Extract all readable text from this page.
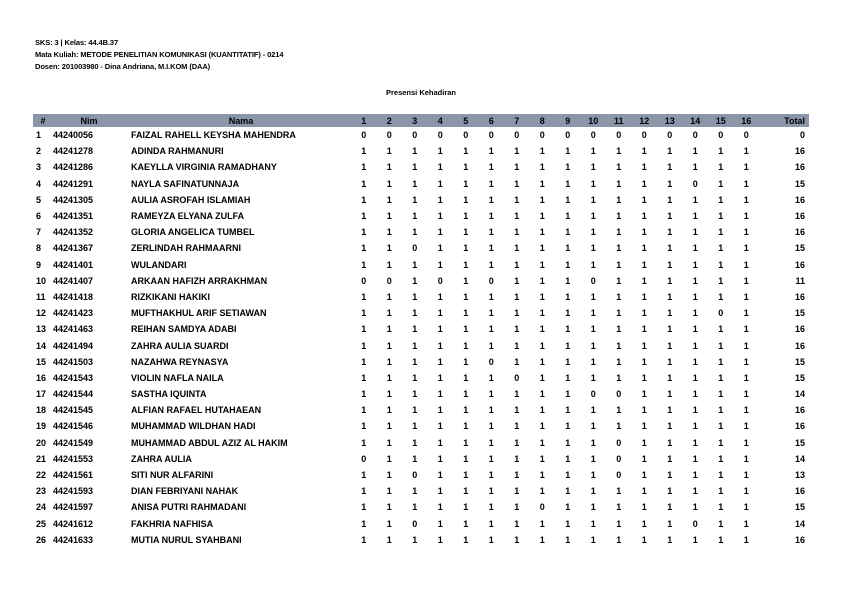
SKS: 3 | Kelas: 44.4B.37
Mata Kuliah: METODE PENELITIAN KOMUNIKASI (KUANTITATIF) - 0214
Dosen: 201003980 - Dina Andriana, M.I.KOM (DAA)
Presensi Kehadiran
#	Nim	Nama	1	2	3	4	5	6	7	8	9	10	11	12	13	14	15	16	Total
1	44240056	FAIZAL RAHELL KEYSHA MAHENDRA	0	0	0	0	0	0	0	0	0	0	0	0	0	0	0	0	0
2	44241278	ADINDA RAHMANURI	1	1	1	1	1	1	1	1	1	1	1	1	1	1	1	1	16
3	44241286	KAEYLLA VIRGINIA RAMADHANY	1	1	1	1	1	1	1	1	1	1	1	1	1	1	1	1	16
4	44241291	NAYLA SAFINATUNNAJA	1	1	1	1	1	1	1	1	1	1	1	1	1	0	1	1	15
5	44241305	AULIA ASROFAH ISLAMIAH	1	1	1	1	1	1	1	1	1	1	1	1	1	1	1	1	16
6	44241351	RAMEYZA ELYANA ZULFA	1	1	1	1	1	1	1	1	1	1	1	1	1	1	1	1	16
7	44241352	GLORIA ANGELICA TUMBEL	1	1	1	1	1	1	1	1	1	1	1	1	1	1	1	1	16
8	44241367	ZERLINDAH RAHMAARNI	1	1	0	1	1	1	1	1	1	1	1	1	1	1	1	1	15
9	44241401	WULANDARI	1	1	1	1	1	1	1	1	1	1	1	1	1	1	1	1	16
10	44241407	ARKAAN HAFIZH ARRAKHMAN	0	0	1	0	1	0	1	1	1	0	1	1	1	1	1	1	11
11	44241418	RIZKIKANI HAKIKI	1	1	1	1	1	1	1	1	1	1	1	1	1	1	1	1	16
12	44241423	MUFTHAKHUL ARIF SETIAWAN	1	1	1	1	1	1	1	1	1	1	1	1	1	1	0	1	15
13	44241463	REIHAN SAMDYA ADABI	1	1	1	1	1	1	1	1	1	1	1	1	1	1	1	1	16
14	44241494	ZAHRA AULIA SUARDI	1	1	1	1	1	1	1	1	1	1	1	1	1	1	1	1	16
15	44241503	NAZAHWA REYNASYA	1	1	1	1	1	0	1	1	1	1	1	1	1	1	1	1	15
16	44241543	VIOLIN NAFLA NAILA	1	1	1	1	1	1	0	1	1	1	1	1	1	1	1	1	15
17	44241544	SASTHA IQUINTA	1	1	1	1	1	1	1	1	1	0	0	1	1	1	1	1	14
18	44241545	ALFIAN RAFAEL HUTAHAEAN	1	1	1	1	1	1	1	1	1	1	1	1	1	1	1	1	16
19	44241546	MUHAMMAD WILDHAN HADI	1	1	1	1	1	1	1	1	1	1	1	1	1	1	1	1	16
20	44241549	MUHAMMAD ABDUL AZIZ AL HAKIM	1	1	1	1	1	1	1	1	1	1	0	1	1	1	1	1	15
21	44241553	ZAHRA AULIA	0	1	1	1	1	1	1	1	1	1	0	1	1	1	1	1	14
22	44241561	SITI NUR ALFARINI	1	1	0	1	1	1	1	1	1	1	0	1	1	1	1	1	13
23	44241593	DIAN FEBRIYANI NAHAK	1	1	1	1	1	1	1	1	1	1	1	1	1	1	1	1	16
24	44241597	ANISA PUTRI RAHMADANI	1	1	1	1	1	1	1	0	1	1	1	1	1	1	1	1	15
25	44241612	FAKHRIA NAFHISA	1	1	0	1	1	1	1	1	1	1	1	1	1	0	1	1	14
26	44241633	MUTIA NURUL SYAHBANI	1	1	1	1	1	1	1	1	1	1	1	1	1	1	1	1	16
